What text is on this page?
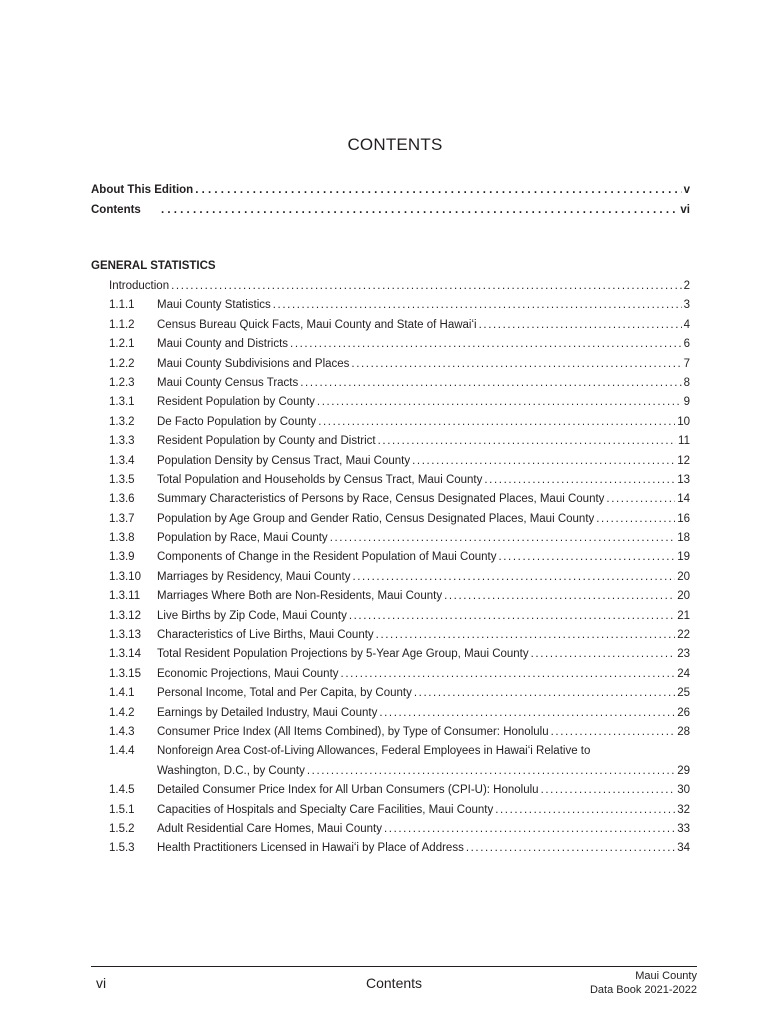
CONTENTS
About This Edition . . .	v
Contents . . .	vi
GENERAL STATISTICS
Introduction .....	2
1.1.1	Maui County Statistics .....	3
1.1.2	Census Bureau Quick Facts, Maui County and State of Hawaiʻi .....	4
1.2.1	Maui County and Districts .....	6
1.2.2	Maui County Subdivisions and Places .....	7
1.2.3	Maui County Census Tracts .....	8
1.3.1	Resident Population by County .....	9
1.3.2	De Facto Population by County .....	10
1.3.3	Resident Population by County and District .....	11
1.3.4	Population Density by Census Tract, Maui County .....	12
1.3.5	Total Population and Households by Census Tract, Maui County .....	13
1.3.6	Summary Characteristics of Persons by Race, Census Designated Places, Maui County .....	14
1.3.7	Population by Age Group and Gender Ratio, Census Designated Places, Maui County .....	16
1.3.8	Population by Race, Maui County .....	18
1.3.9	Components of Change in the Resident Population of Maui County .....	19
1.3.10	Marriages by Residency, Maui County .....	20
1.3.11	Marriages Where Both are Non-Residents, Maui County .....	20
1.3.12	Live Births by Zip Code, Maui County .....	21
1.3.13	Characteristics of Live Births, Maui County .....	22
1.3.14	Total Resident Population Projections by 5-Year Age Group, Maui County .....	23
1.3.15	Economic Projections, Maui County .....	24
1.4.1	Personal Income, Total and Per Capita, by County .....	25
1.4.2	Earnings by Detailed Industry, Maui County .....	26
1.4.3	Consumer Price Index (All Items Combined), by Type of Consumer: Honolulu .....	28
1.4.4	Nonforeign Area Cost-of-Living Allowances, Federal Employees in Hawaiʻi Relative to
Washington, D.C., by County .....	29
1.4.5	Detailed Consumer Price Index for All Urban Consumers (CPI-U): Honolulu .....	30
1.5.1	Capacities of Hospitals and Specialty Care Facilities, Maui County .....	32
1.5.2	Adult Residential Care Homes, Maui County .....	33
1.5.3	Health Practitioners Licensed in Hawaiʻi by Place of Address .....	34
vi	Contents	Maui County
Data Book 2021-2022
